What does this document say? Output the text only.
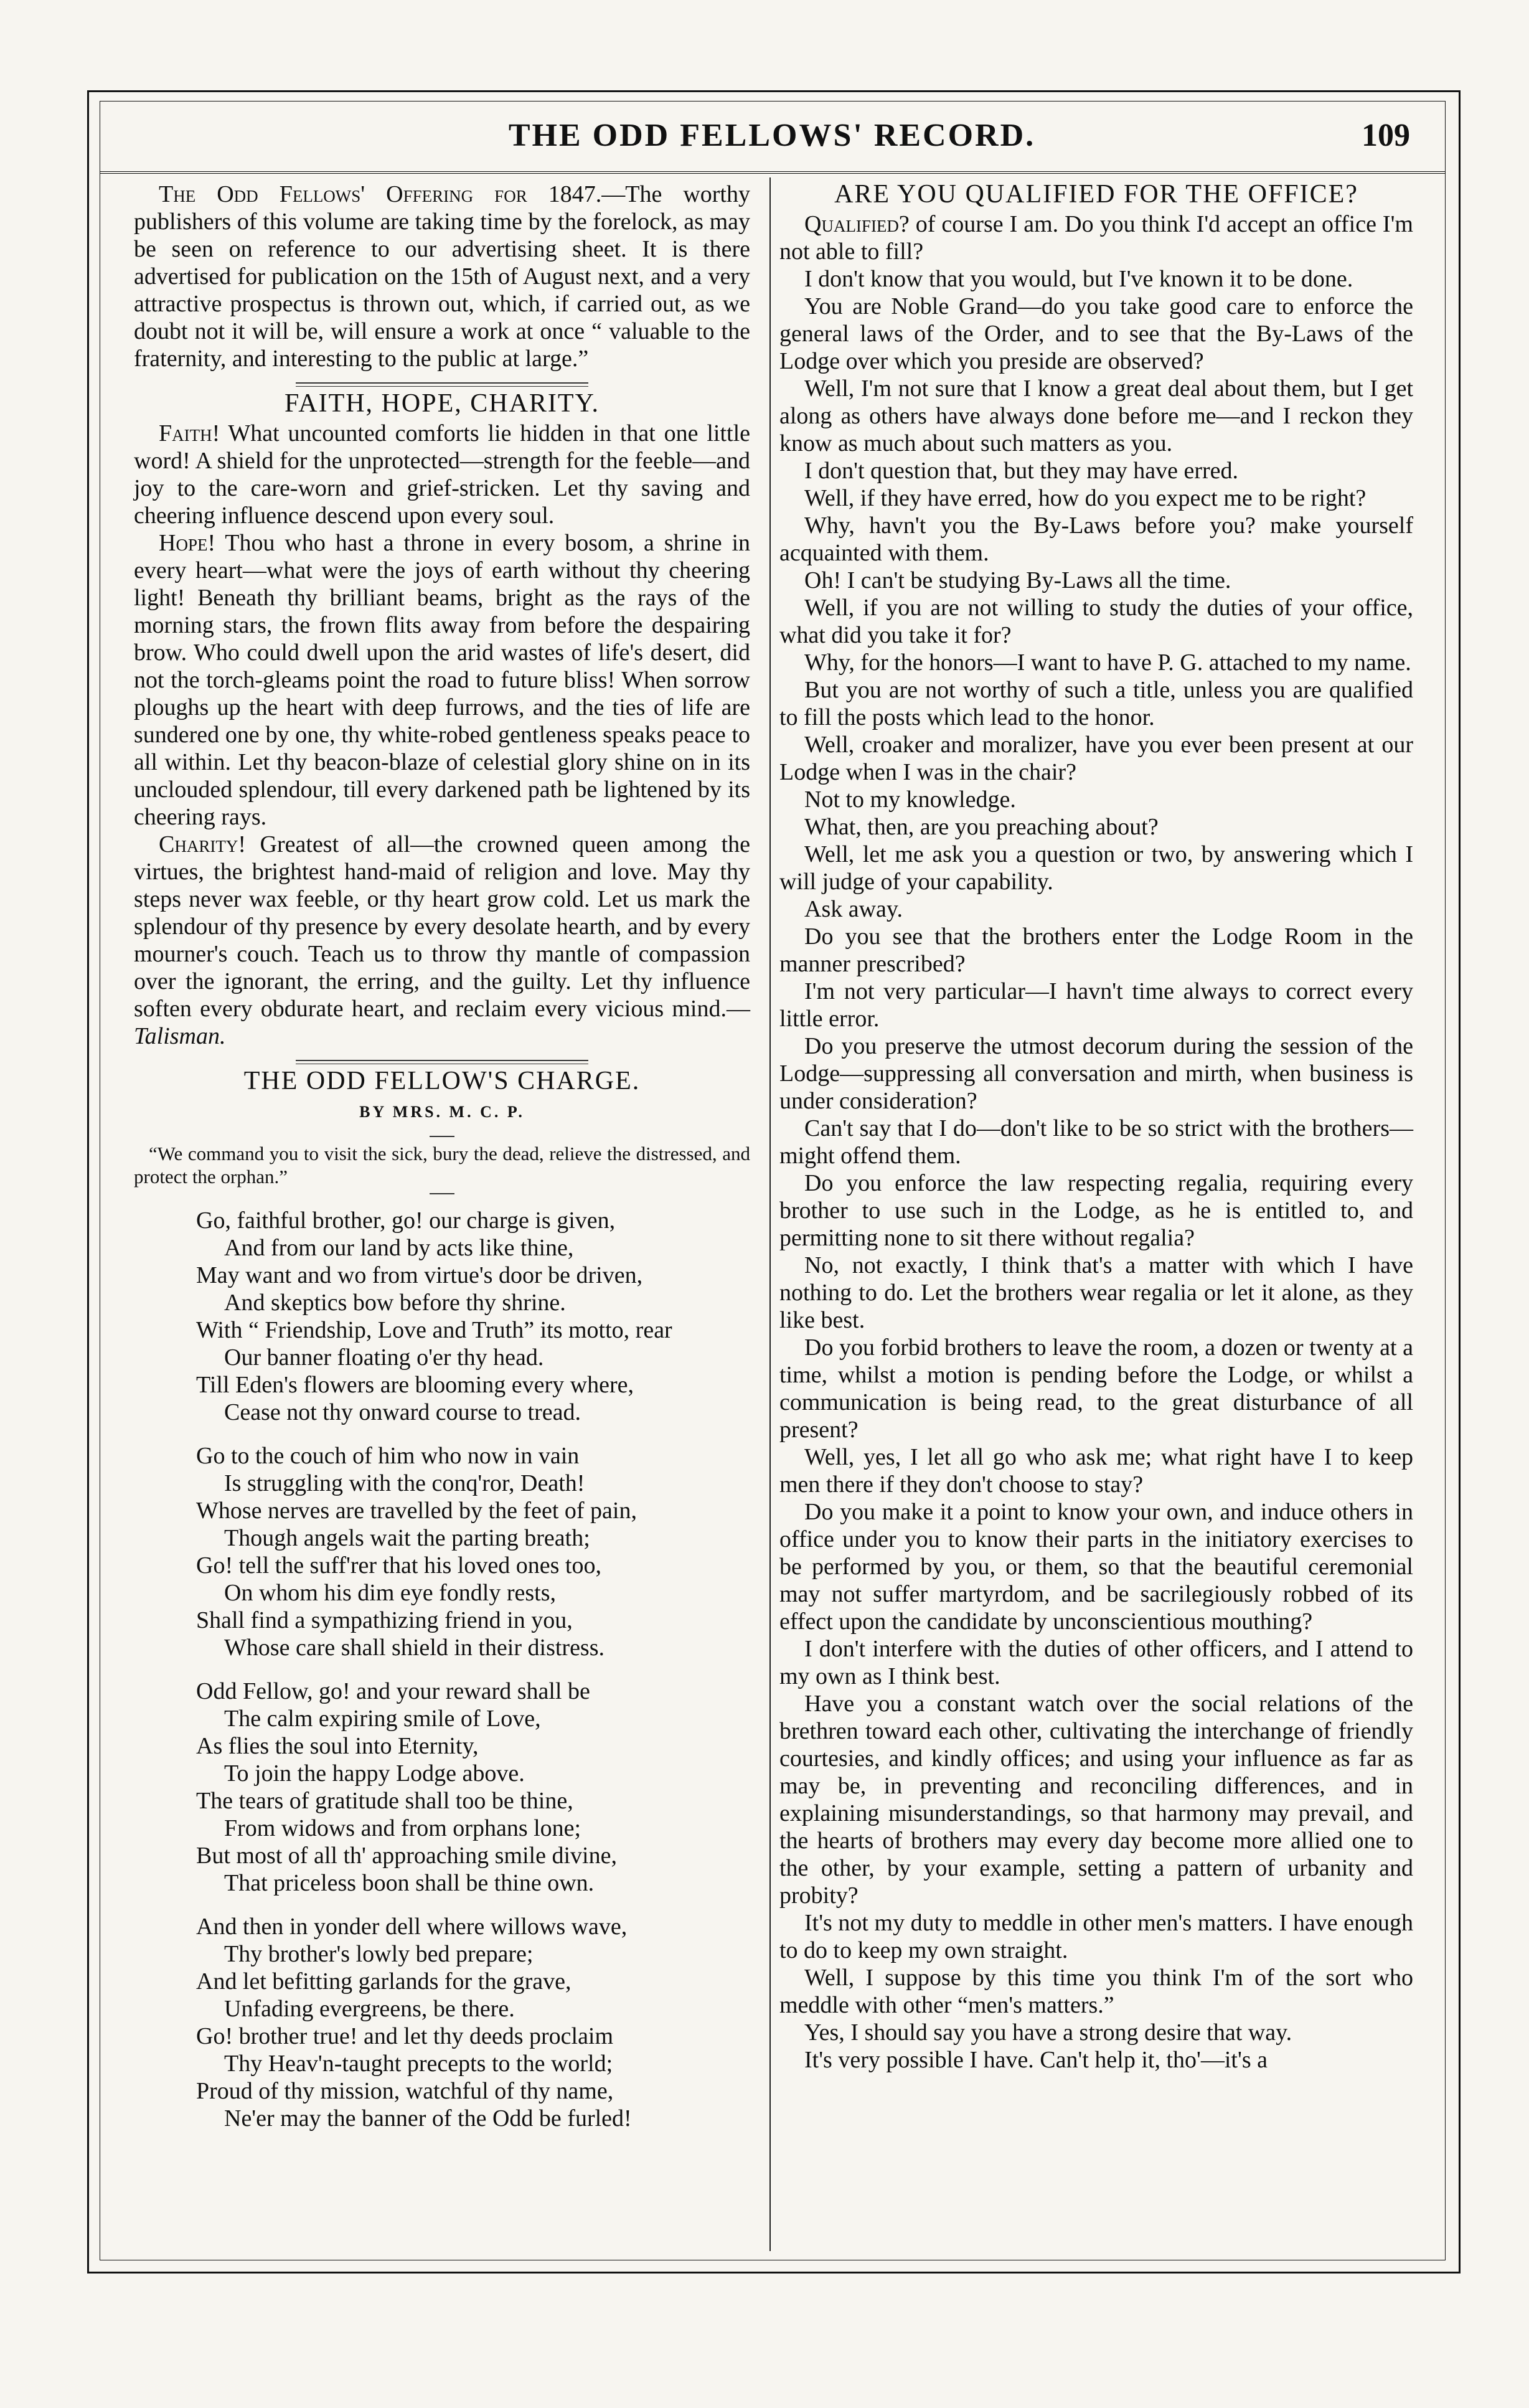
THE ODD FELLOWS' RECORD.	109

The Odd Fellows' Offering for 1847.—The worthy publishers of this volume are taking time by the forelock, as may be seen on reference to our advertising sheet. It is there advertised for publication on the 15th of August next, and a very attractive prospectus is thrown out, which, if carried out, as we doubt not it will be, will ensure a work at once “ valuable to the fraternity, and interesting to the public at large.”

FAITH, HOPE, CHARITY.

Faith! What uncounted comforts lie hidden in that one little word! A shield for the unprotected—strength for the feeble—and joy to the care-worn and grief-stricken. Let thy saving and cheering influence descend upon every soul.

Hope! Thou who hast a throne in every bosom, a shrine in every heart—what were the joys of earth without thy cheering light! Beneath thy brilliant beams, bright as the rays of the morning stars, the frown flits away from before the despairing brow. Who could dwell upon the arid wastes of life's desert, did not the torch-gleams point the road to future bliss! When sorrow ploughs up the heart with deep furrows, and the ties of life are sundered one by one, thy white-robed gentleness speaks peace to all within. Let thy beacon-blaze of celestial glory shine on in its unclouded splendour, till every darkened path be lightened by its cheering rays.

Charity! Greatest of all—the crowned queen among the virtues, the brightest hand-maid of religion and love. May thy steps never wax feeble, or thy heart grow cold. Let us mark the splendour of thy presence by every desolate hearth, and by every mourner's couch. Teach us to throw thy mantle of compassion over the ignorant, the erring, and the guilty. Let thy influence soften every obdurate heart, and reclaim every vicious mind.—Talisman.

THE ODD FELLOW'S CHARGE.
BY MRS. M. C. P.

“We command you to visit the sick, bury the dead, relieve the distressed, and protect the orphan.”

Go, faithful brother, go! our charge is given,
And from our land by acts like thine,
May want and wo from virtue's door be driven,
And skeptics bow before thy shrine.
With “ Friendship, Love and Truth” its motto, rear
Our banner floating o'er thy head.
Till Eden's flowers are blooming every where,
Cease not thy onward course to tread.
Go to the couch of him who now in vain
Is struggling with the conq'ror, Death!
Whose nerves are travelled by the feet of pain,
Though angels wait the parting breath;
Go! tell the suff'rer that his loved ones too,
On whom his dim eye fondly rests,
Shall find a sympathizing friend in you,
Whose care shall shield in their distress.
Odd Fellow, go! and your reward shall be
The calm expiring smile of Love,
As flies the soul into Eternity,
To join the happy Lodge above.
The tears of gratitude shall too be thine,
From widows and from orphans lone;
But most of all th' approaching smile divine,
That priceless boon shall be thine own.
And then in yonder dell where willows wave,
Thy brother's lowly bed prepare;
And let befitting garlands for the grave,
Unfading evergreens, be there.
Go! brother true! and let thy deeds proclaim
Thy Heav'n-taught precepts to the world;
Proud of thy mission, watchful of thy name,
Ne'er may the banner of the Odd be furled!
ARE YOU QUALIFIED FOR THE OFFICE?

Qualified? of course I am. Do you think I'd accept an office I'm not able to fill?

I don't know that you would, but I've known it to be done.

You are Noble Grand—do you take good care to enforce the general laws of the Order, and to see that the By-Laws of the Lodge over which you preside are observed?

Well, I'm not sure that I know a great deal about them, but I get along as others have always done before me—and I reckon they know as much about such matters as you.

I don't question that, but they may have erred.

Well, if they have erred, how do you expect me to be right?

Why, havn't you the By-Laws before you? make yourself acquainted with them.

Oh! I can't be studying By-Laws all the time.

Well, if you are not willing to study the duties of your office, what did you take it for?

Why, for the honors—I want to have P. G. attached to my name.

But you are not worthy of such a title, unless you are qualified to fill the posts which lead to the honor.

Well, croaker and moralizer, have you ever been present at our Lodge when I was in the chair?

Not to my knowledge.

What, then, are you preaching about?

Well, let me ask you a question or two, by answering which I will judge of your capability.

Ask away.

Do you see that the brothers enter the Lodge Room in the manner prescribed?

I'm not very particular—I havn't time always to correct every little error.

Do you preserve the utmost decorum during the session of the Lodge—suppressing all conversation and mirth, when business is under consideration?

Can't say that I do—don't like to be so strict with the brothers—might offend them.

Do you enforce the law respecting regalia, requiring every brother to use such in the Lodge, as he is entitled to, and permitting none to sit there without regalia?

No, not exactly, I think that's a matter with which I have nothing to do. Let the brothers wear regalia or let it alone, as they like best.

Do you forbid brothers to leave the room, a dozen or twenty at a time, whilst a motion is pending before the Lodge, or whilst a communication is being read, to the great disturbance of all present?

Well, yes, I let all go who ask me; what right have I to keep men there if they don't choose to stay?

Do you make it a point to know your own, and induce others in office under you to know their parts in the initiatory exercises to be performed by you, or them, so that the beautiful ceremonial may not suffer martyrdom, and be sacrilegiously robbed of its effect upon the candidate by unconscientious mouthing?

I don't interfere with the duties of other officers, and I attend to my own as I think best.

Have you a constant watch over the social relations of the brethren toward each other, cultivating the interchange of friendly courtesies, and kindly offices; and using your influence as far as may be, in preventing and reconciling differences, and in explaining misunderstandings, so that harmony may prevail, and the hearts of brothers may every day become more allied one to the other, by your example, setting a pattern of urbanity and probity?

It's not my duty to meddle in other men's matters. I have enough to do to keep my own straight.

Well, I suppose by this time you think I'm of the sort who meddle with other “men's matters.”

Yes, I should say you have a strong desire that way.

It's very possible I have. Can't help it, tho'—it's a
